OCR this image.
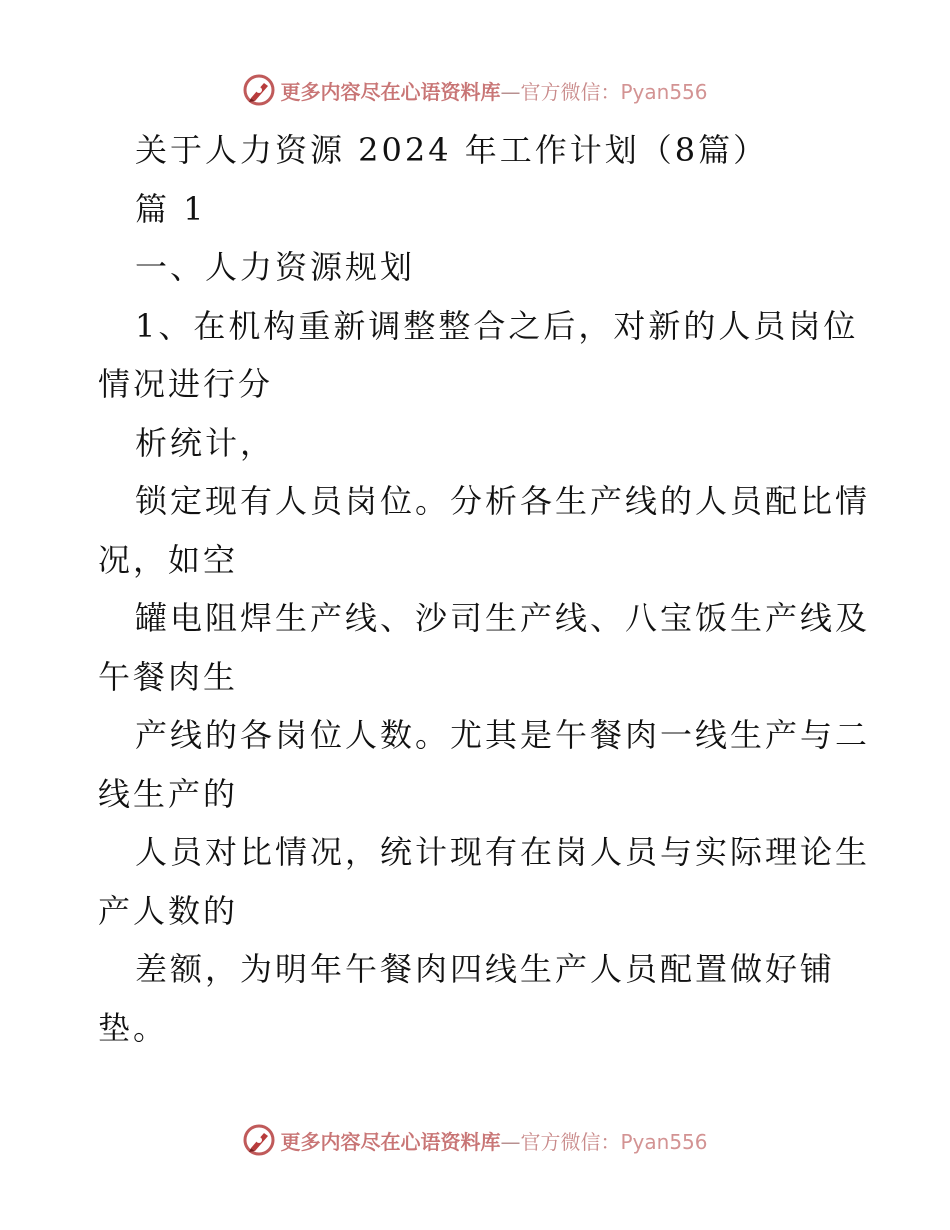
更多内容尽在心语资料库—官方微信：Pyan556
关于人力资源 2024 年工作计划（8篇）
篇 1
一、人力资源规划
1、在机构重新调整整合之后，对新的人员岗位
情况进行分
析统计，
锁定现有人员岗位。分析各生产线的人员配比情
况，如空
罐电阻焊生产线、沙司生产线、八宝饭生产线及
午餐肉生
产线的各岗位人数。尤其是午餐肉一线生产与二
线生产的
人员对比情况，统计现有在岗人员与实际理论生
产人数的
差额，为明年午餐肉四线生产人员配置做好铺
垫。
更多内容尽在心语资料库—官方微信：Pyan556
